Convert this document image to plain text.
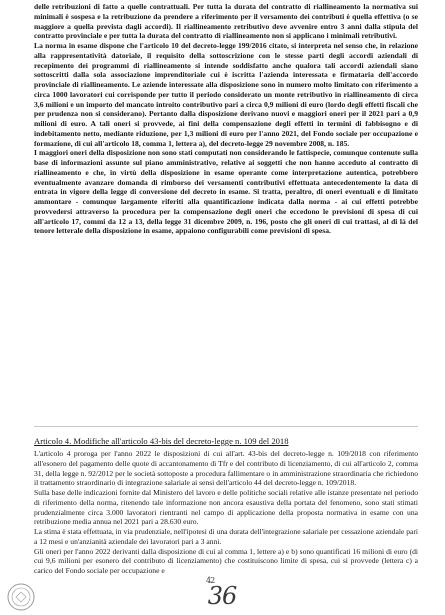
delle retribuzioni di fatto a quelle contrattuali. Per tutta la durata del contratto di riallineamento la normativa sui minimali è sospesa e la retribuzione da prendere a riferimento per il versamento dei contributi è quella effettiva (o se maggiore a quella prevista dagli accordi). Il riallineamento retributivo deve avvenire entro 3 anni dalla stipula del contratto provinciale e per tutta la durata del contratto di riallineamento non si applicano i minimali retributivi.

La norma in esame dispone che l'articolo 10 del decreto-legge 199/2016 citato, si interpreta nel senso che, in relazione alla rappresentatività datoriale, il requisito della sottoscrizione con le stesse parti degli accordi aziendali di recepimento dei programmi di riallineamento si intende soddisfatto anche qualora tali accordi aziendali siano sottoscritti dalla sola associazione imprenditoriale cui è iscritta l'azienda interessata e firmataria dell'accordo provinciale di riallineamento. Le aziende interessate alla disposizione sono in numero molto limitato con riferimento a circa 1000 lavoratori cui corrisponde per tutto il periodo considerato un monte retributivo in riallineamento di circa 3,6 milioni e un importo del mancato introito contributivo pari a circa 0,9 milioni di euro (lordo degli effetti fiscali che per prudenza non si considerano). Pertanto dalla disposizione derivano nuovi e maggiori oneri per il 2021 pari a 0,9 milioni di euro. A tali oneri si provvede, ai fini della compensazione degli effetti in termini di fabbisogno e di indebitamento netto, mediante riduzione, per 1,3 milioni di euro per l'anno 2021, del Fondo sociale per occupazione e formazione, di cui all'articolo 18, comma 1, lettera a), del decreto-legge 29 novembre 2008, n. 185.

I maggiori oneri della disposizione non sono stati computati non considerando le fattispecie, comunque contenute sulla base di informazioni assunte sul piano amministrativo, relative ai soggetti che non hanno acceduto al contratto di riallineamento e che, in virtù della disposizione in esame operante come interpretazione autentica, potrebbero eventualmente avanzare domanda di rimborso dei versamenti contributivi effettuata antecedentemente la data di entrata in vigore della legge di conversione del decreto in esame. Si tratta, peraltro, di oneri eventuali e di limitato ammontare - comunque largamente riferiti alla quantificazione indicata dalla norma - ai cui effetti potrebbe provvedersi attraverso la procedura per la compensazione degli oneri che eccedono le previsioni di spesa di cui all'articolo 17, commi da 12 a 13, della legge 31 dicembre 2009, n. 196, posto che gli oneri di cui trattasi, al di là del tenore letterale della disposizione in esame, appaiono configurabili come previsioni di spesa.

Articolo 4. Modifiche all'articolo 43-bis del decreto-legge n. 109 del 2018

L'articolo 4 proroga per l'anno 2022 le disposizioni di cui all'art. 43-bis del decreto-legge n. 109/2018 con riferimento all'esonero del pagamento delle quote di accantonamento di Tfr e del contributo di licenziamento, di cui all'articolo 2, comma 31, della legge n. 92/2012 per le società sottoposte a procedura fallimentare o in amministrazione straordinaria che richiedono il trattamento straordinario di integrazione salariale ai sensi dell'articolo 44 del decreto-legge n. 109/2018.

Sulla base delle indicazioni fornite dal Ministero del lavoro e delle politiche sociali relative alle istanze presentate nel periodo di riferimento della norma, ritenendo tale informazione non ancora esaustiva della portata del fenomeno, sono stati stimati prudenzialmente circa 3.000 lavoratori rientranti nel campo di applicazione della proposta normativa in esame con una retribuzione media annua nel 2021 pari a 28.630 euro.

La stima è stata effettuata, in via prudenziale, nell'ipotesi di una durata dell'integrazione salariale per cessazione aziendale pari a 12 mesi e un'anzianità aziendale dei lavoratori pari a 3 anni.

Gli oneri per l'anno 2022 derivanti dalla disposizione di cui al comma 1, lettere a) e b) sono quantificati 16 milioni di euro (di cui 9,6 milioni per esonero del contributo di licenziamento) che costituiscono limite di spesa, cui si provvede (lettera c) a carico del Fondo sociale per occupazione e

42
36
